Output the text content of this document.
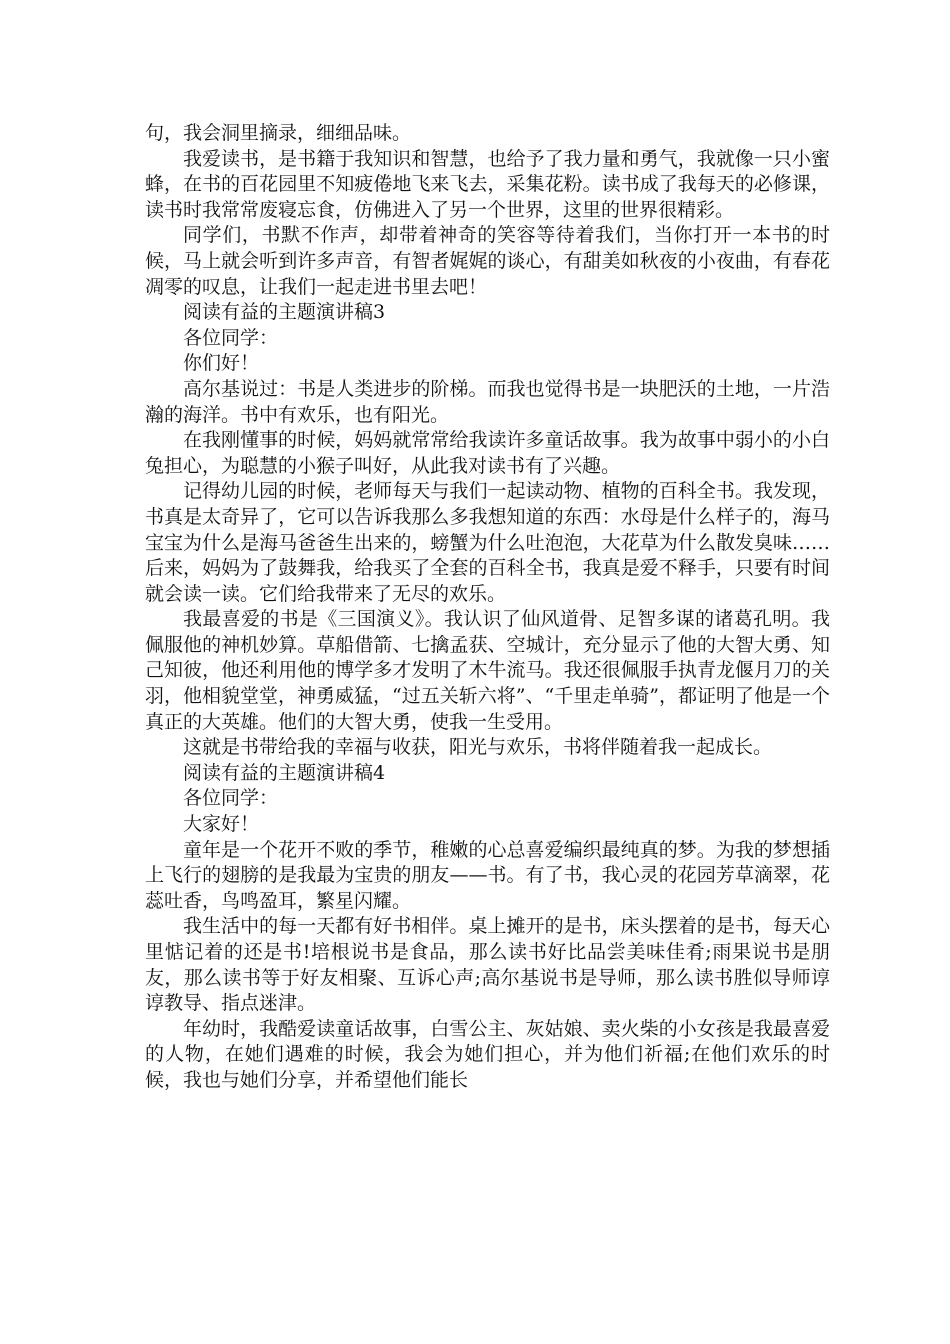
句，我会洞里摘录，细细品味。

我爱读书，是书籍于我知识和智慧，也给予了我力量和勇气，我就像一只小蜜蜂，在书的百花园里不知疲倦地飞来飞去，采集花粉。读书成了我每天的必修课，读书时我常常废寝忘食，仿佛进入了另一个世界，这里的世界很精彩。

同学们，书默不作声，却带着神奇的笑容等待着我们，当你打开一本书的时候，马上就会听到许多声音，有智者娓娓的谈心，有甜美如秋夜的小夜曲，有春花凋零的叹息，让我们一起走进书里去吧！

阅读有益的主题演讲稿3

各位同学：

你们好！

高尔基说过：书是人类进步的阶梯。而我也觉得书是一块肥沃的土地，一片浩瀚的海洋。书中有欢乐，也有阳光。

在我刚懂事的时候，妈妈就常常给我读许多童话故事。我为故事中弱小的小白兔担心，为聪慧的小猴子叫好，从此我对读书有了兴趣。

记得幼儿园的时候，老师每天与我们一起读动物、植物的百科全书。我发现，书真是太奇异了，它可以告诉我那么多我想知道的东西：水母是什么样子的，海马宝宝为什么是海马爸爸生出来的，螃蟹为什么吐泡泡，大花草为什么散发臭味……后来，妈妈为了鼓舞我，给我买了全套的百科全书，我真是爱不释手，只要有时间就会读一读。它们给我带来了无尽的欢乐。

我最喜爱的书是《三国演义》。我认识了仙风道骨、足智多谋的诸葛孔明。我佩服他的神机妙算。草船借箭、七擒孟获、空城计，充分显示了他的大智大勇、知己知彼，他还利用他的博学多才发明了木牛流马。我还很佩服手执青龙偃月刀的关羽，他相貌堂堂，神勇威猛，“过五关斩六将”、“千里走单骑”，都证明了他是一个真正的大英雄。他们的大智大勇，使我一生受用。

这就是书带给我的幸福与收获，阳光与欢乐，书将伴随着我一起成长。

阅读有益的主题演讲稿4

各位同学：

大家好！

童年是一个花开不败的季节，稚嫩的心总喜爱编织最纯真的梦。为我的梦想插上飞行的翅膀的是我最为宝贵的朋友——书。有了书，我心灵的花园芳草滴翠，花蕊吐香，鸟鸣盈耳，繁星闪耀。

我生活中的每一天都有好书相伴。桌上摊开的是书，床头摆着的是书，每天心里惦记着的还是书!培根说书是食品，那么读书好比品尝美味佳肴;雨果说书是朋友，那么读书等于好友相聚、互诉心声;高尔基说书是导师，那么读书胜似导师谆谆教导、指点迷津。

年幼时，我酷爱读童话故事，白雪公主、灰姑娘、卖火柴的小女孩是我最喜爱的人物，在她们遇难的时候，我会为她们担心，并为他们祈福;在他们欢乐的时候，我也与她们分享，并希望他们能长
